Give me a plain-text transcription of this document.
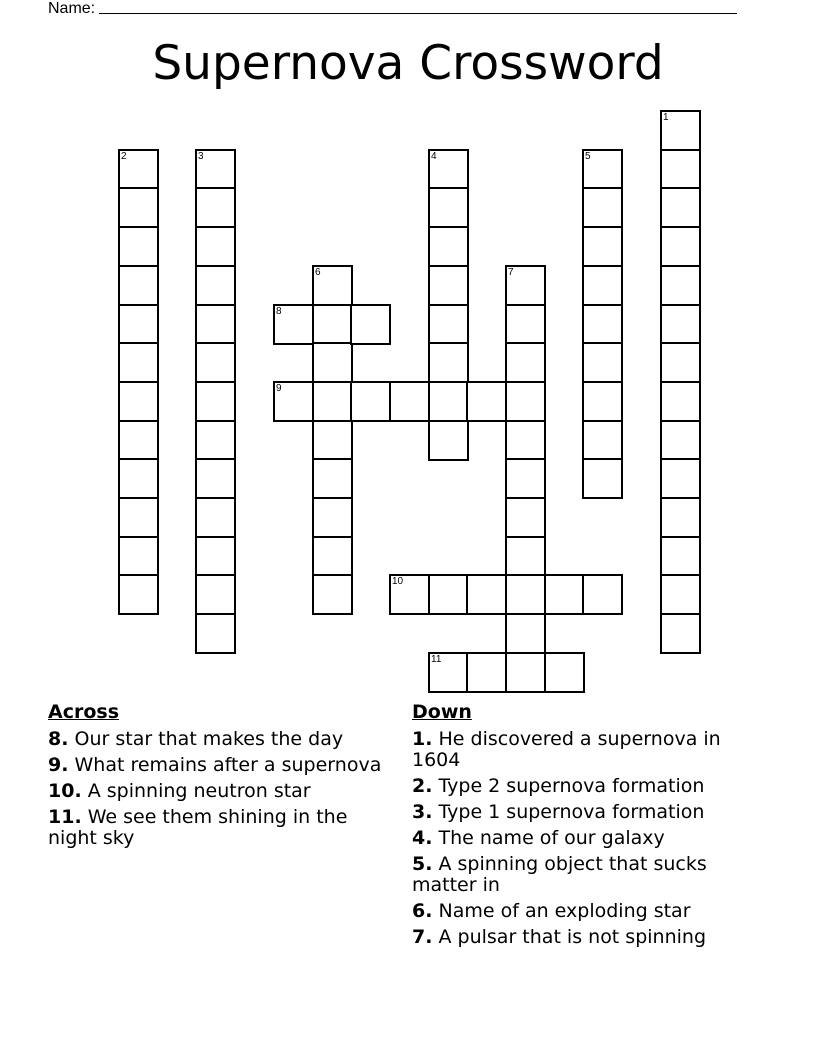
Name:
Supernova Crossword
1
2	3	4	5
6	7
8
9
10
11
Across
8. Our star that makes the day
9. What remains after a supernova
10. A spinning neutron star
11. We see them shining in the night sky
Down
1. He discovered a supernova in 1604
2. Type 2 supernova formation
3. Type 1 supernova formation
4. The name of our galaxy
5. A spinning object that sucks matter in
6. Name of an exploding star
7. A pulsar that is not spinning
